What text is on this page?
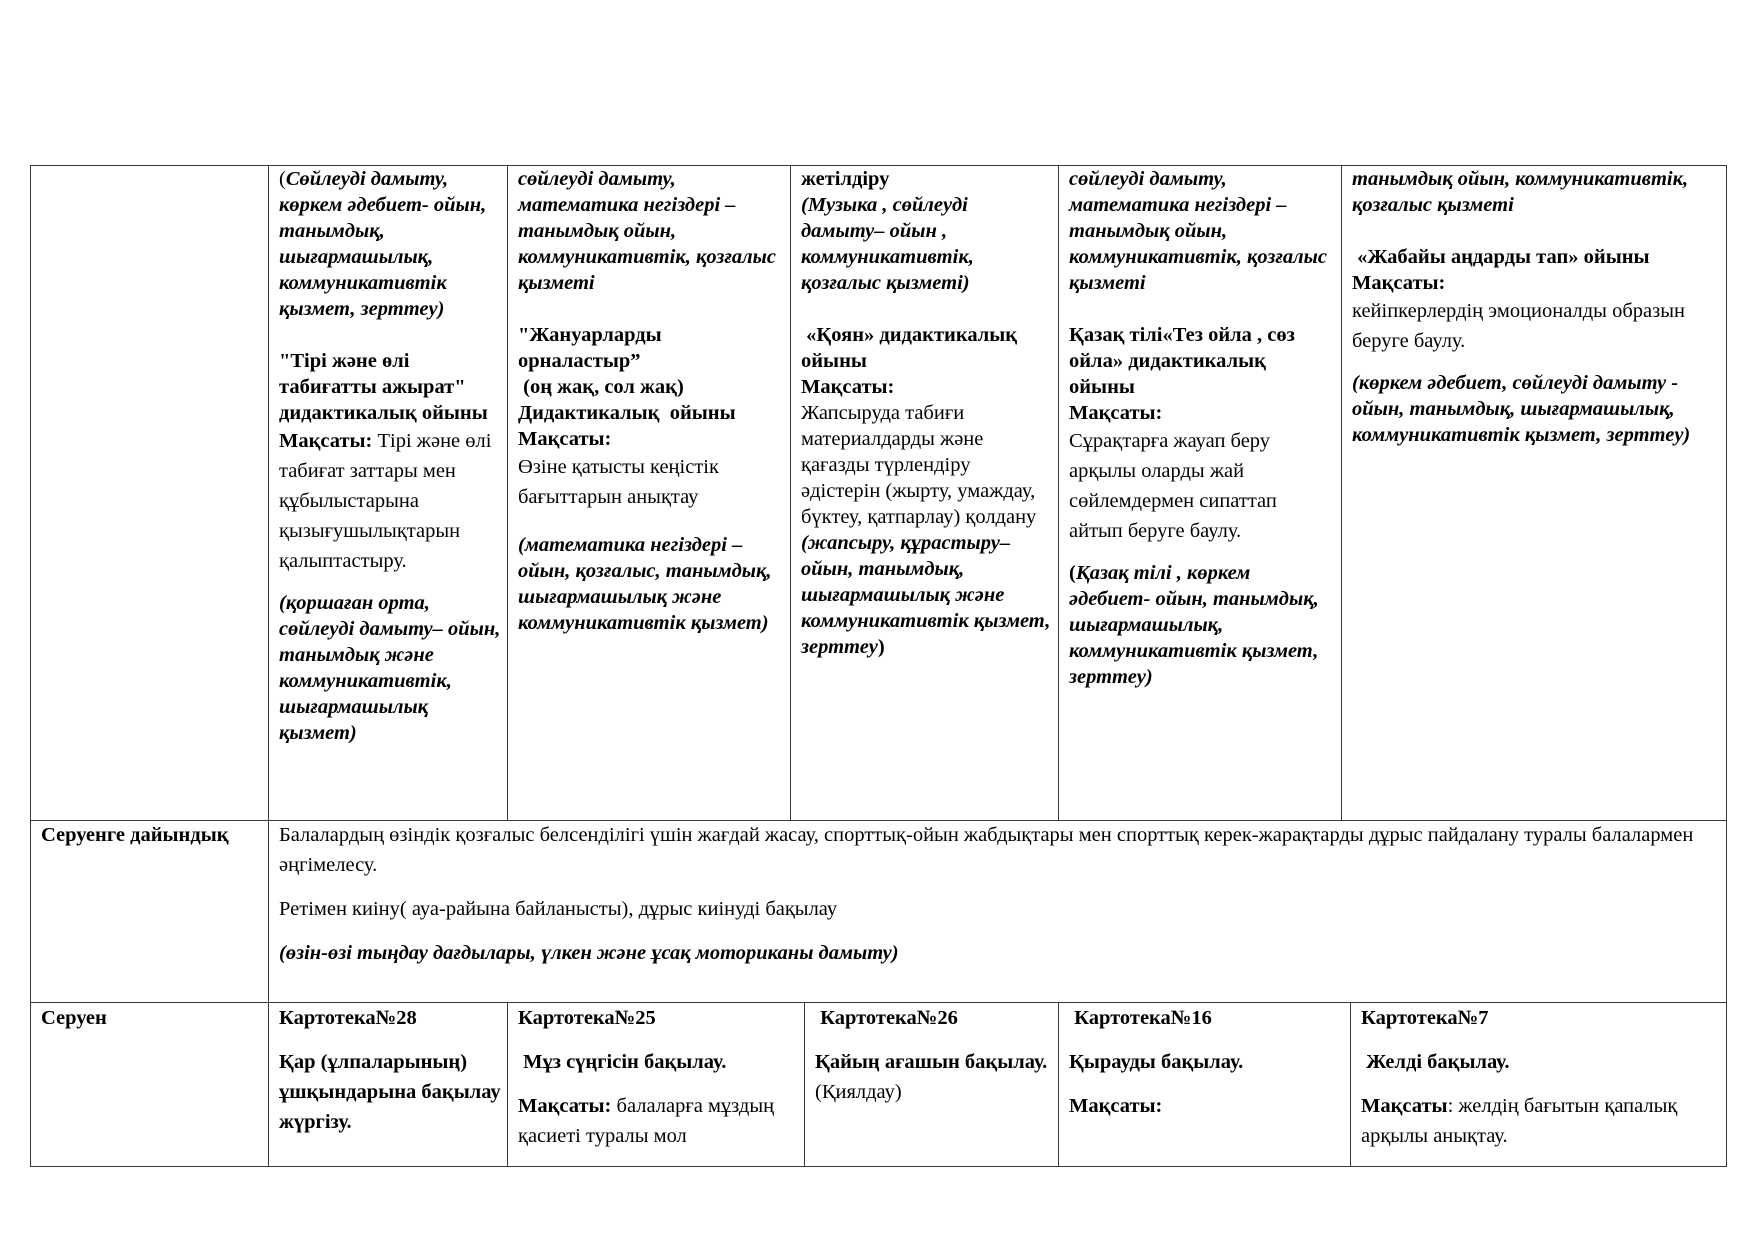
(Сөйлеуді дамыту, көркем әдебиет- ойын, танымдық, шығармашылық, коммуникативтік қызмет, зерттеу)
"Тірі және өлі табиғатты ажырат" дидактикалық ойыны
Мақсаты: Тірі және өлі табиғат заттары мен құбылыстарына қызығушылықтарын қалыптастыру.
(қоршаған орта, сөйлеуді дамыту– ойын, танымдық және коммуникативтік, шығармашылық қызмет)
сөйлеуді дамыту, математика негіздері – танымдық ойын, коммуникативтік, қозғалыс қызметі
"Жануарларды орналастыр”
(оң жақ, сол жақ)
Дидактикалық  ойыны
Мақсаты:
Өзіне қатысты кеңістік бағыттарын анықтау
(математика негіздері – ойын, қозғалыс, танымдық, шығармашылық және коммуникативтік қызмет)
жетілдіру
(Музыка , сөйлеуді дамыту– ойын , коммуникативтік, қозғалыс қызметі)
«Қоян» дидактикалық ойыны
Мақсаты:
Жапсыруда табиғи материалдарды және қағазды түрлендіру әдістерін (жырту, умаждау, бүктеу, қатпарлау) қолдану
(жапсыру, құрастыру– ойын, танымдық, шығармашылық және коммуникативтік қызмет, зерттеу)
сөйлеуді дамыту, математика негіздері – танымдық ойын, коммуникативтік, қозғалыс қызметі
Қазақ тілі«Тез ойла , сөз ойла» дидактикалық ойыны
Мақсаты:
Сұрақтарға жауап беру арқылы оларды жай сөйлемдермен сипаттап айтып беруге баулу.
(Қазақ тілі , көркем әдебиет- ойын, танымдық, шығармашылық, коммуникативтік қызмет, зерттеу)
танымдық ойын, коммуникативтік, қозғалыс қызметі
«Жабайы аңдарды тап» ойыны
Мақсаты:
кейіпкерлердің эмоционалды образын беруге баулу.
(көркем әдебиет, сөйлеуді дамыту - ойын, танымдық, шығармашылық, коммуникативтік қызмет, зерттеу)
Серуенге дайындық	Балалардың өзіндік қозғалыс белсенділігі үшін жағдай жасау, спорттық-ойын жабдықтары мен спорттық керек-жарақтарды дұрыс пайдалану туралы балалармен әңгімелесу.
Ретімен киіну( ауа-райына байланысты), дұрыс киінуді бақылау
(өзін-өзі тыңдау дағдылары, үлкен және ұсақ моториканы дамыту)
Серуен	Картотека№28
Қар (ұлпаларының) ұшқындарына бақылау жүргізу.
Картотека№25
Мұз сүңгісін бақылау.
Мақсаты: балаларға мұздың қасиеті туралы мол
Картотека№26
Қайың ағашын бақылау.
(Қиялдау)
Картотека№16
Қырауды бақылау.
Мақсаты:
Картотека№7
Желді бақылау.
Мақсаты: желдің бағытын қапалық арқылы анықтау.
